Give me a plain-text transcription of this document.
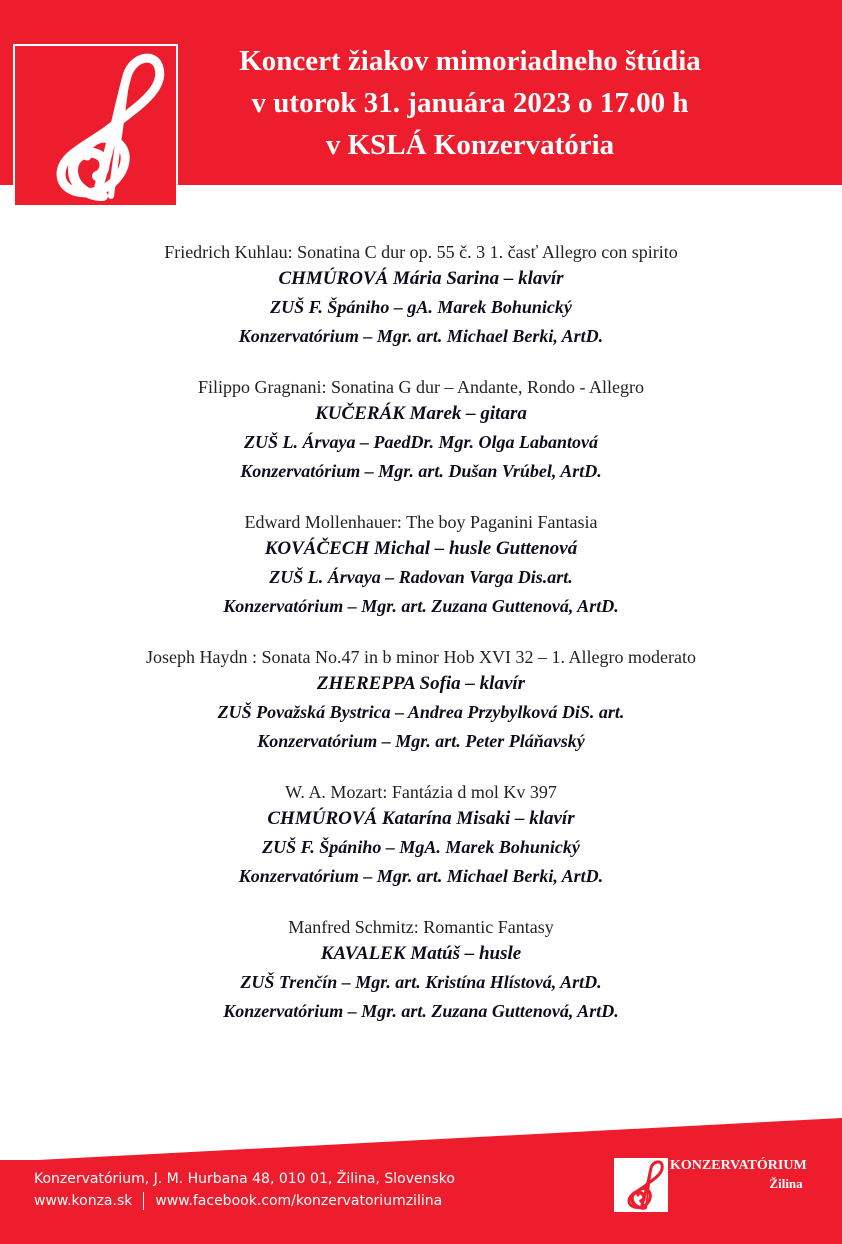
Koncert žiakov mimoriadneho štúdia
v utorok 31. januára 2023 o 17.00 h
v KSLÁ Konzervatória
Friedrich Kuhlau: Sonatina C dur op. 55 č. 3 1. časť Allegro con spirito
CHMÚROVÁ Mária Sarina – klavír
ZUŠ F. Špániho – gA. Marek Bohunický
Konzervatórium – Mgr. art. Michael Berki, ArtD.
Filippo Gragnani: Sonatina G dur – Andante, Rondo - Allegro
KUČERÁK Marek – gitara
ZUŠ L. Árvaya – PaedDr. Mgr. Olga Labantová
Konzervatórium – Mgr. art. Dušan Vrúbel, ArtD.
Edward Mollenhauer: The boy Paganini Fantasia
KOVÁČECH Michal – husle Guttenová
ZUŠ L. Árvaya – Radovan Varga Dis.art.
Konzervatórium – Mgr. art. Zuzana Guttenová, ArtD.
Joseph Haydn : Sonata No.47 in b minor Hob XVI 32 – 1. Allegro moderato
ZHEREPPA Sofia – klavír
ZUŠ Považská Bystrica – Andrea Przybylková DiS. art.
Konzervatórium – Mgr. art. Peter Pláňavský
W. A. Mozart: Fantázia d mol Kv 397
CHMÚROVÁ Katarína Misaki – klavír
ZUŠ F. Špániho – MgA. Marek Bohunický
Konzervatórium – Mgr. art. Michael Berki, ArtD.
Manfred Schmitz: Romantic Fantasy
KAVALEK Matúš – husle
ZUŠ Trenčín – Mgr. art. Kristína Hlístová, ArtD.
Konzervatórium – Mgr. art. Zuzana Guttenová, ArtD.
Konzervatórium, J. M. Hurbana 48, 010 01, Žilina, Slovensko
www.konza.sk www.facebook.com/konzervatoriumzilina
KONZERVATÓRIUM
Žilina
